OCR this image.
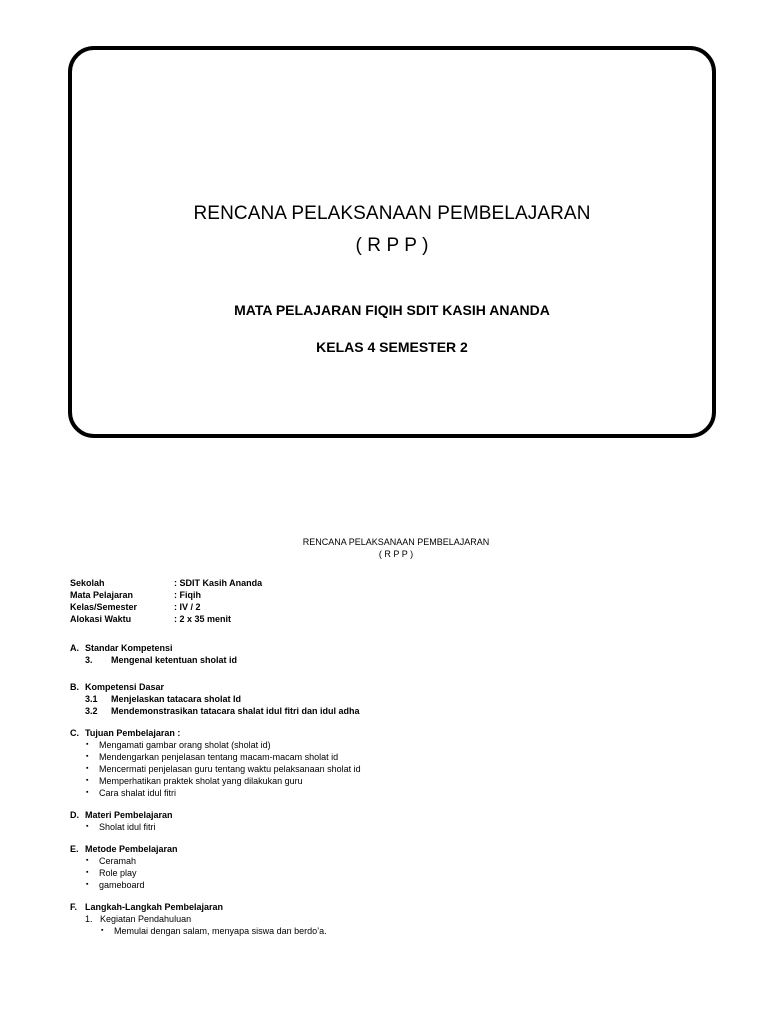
RENCANA PELAKSANAAN PEMBELAJARAN
( R P P )
MATA PELAJARAN FIQIH SDIT KASIH ANANDA
KELAS 4 SEMESTER 2
RENCANA PELAKSANAAN PEMBELAJARAN
( R P P )
Sekolah	: SDIT Kasih Ananda
Mata Pelajaran	: Fiqih
Kelas/Semester	: IV / 2
Alokasi Waktu	: 2 x 35 menit
A. Standar Kompetensi
3.	Mengenal ketentuan sholat id
B. Kompetensi Dasar
3.1	Menjelaskan tatacara sholat Id
3.2	Mendemonstrasikan tatacara shalat idul fitri dan idul adha
C. Tujuan Pembelajaran :
▪	Mengamati gambar orang sholat (sholat id)
▪	Mendengarkan penjelasan tentang macam-macam sholat id
▪	Mencermati penjelasan guru tentang waktu pelaksanaan sholat id
▪	Memperhatikan praktek sholat yang dilakukan guru
▪	Cara shalat idul fitri
D. Materi Pembelajaran
▪	Sholat idul fitri
E. Metode Pembelajaran
▪	Ceramah
▪	Role play
▪	gameboard
F. Langkah-Langkah Pembelajaran
1. Kegiatan Pendahuluan
▪	Memulai dengan salam, menyapa siswa dan berdo’a.
